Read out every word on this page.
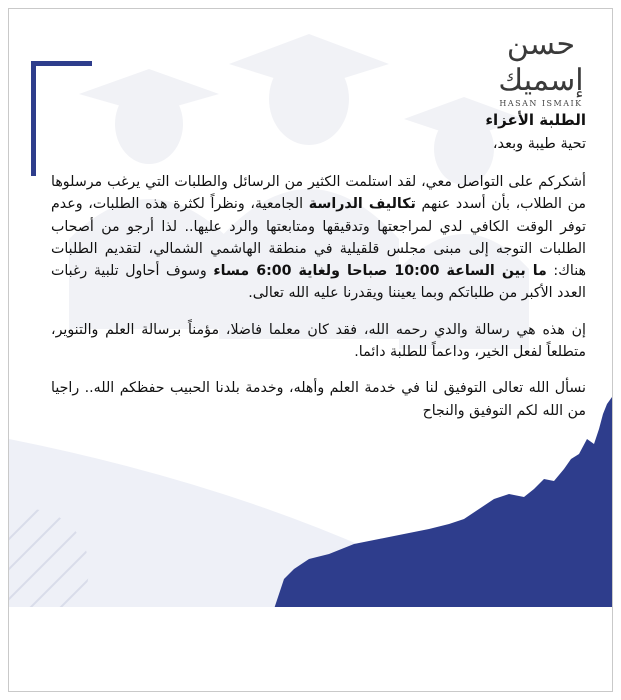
حسن إسميك
HASAN ISMAIK

الطلبة الأعزاء

تحية طيبة وبعد،

أشكركم على التواصل معي، لقد استلمت الكثير من الرسائل والطلبات التي يرغب مرسلوها من الطلاب، بأن أسدد عنهم تكاليف الدراسة الجامعية، ونظراً لكثرة هذه الطلبات، وعدم توفر الوقت الكافي لدي لمراجعتها وتدقيقها ومتابعتها والرد عليها.. لذا أرجو من أصحاب الطلبات التوجه إلى مبنى مجلس قلقيلية في منطقة الهاشمي الشمالي، لتقديم الطلبات هناك: ما بين الساعة 10:00 صباحا ولغاية 6:00 مساء وسوف أحاول تلبية رغبات العدد الأكبر من طلباتكم وبما يعيننا ويقدرنا عليه الله تعالى.

إن هذه هي رسالة والدي رحمه الله، فقد كان معلما فاضلا، مؤمناً برسالة العلم والتنوير، متطلعاً لفعل الخير، وداعماً للطلبة دائما.

نسأل الله تعالى التوفيق لنا في خدمة العلم وأهله، وخدمة بلدنا الحبيب حفظكم الله.. راجيا من الله لكم التوفيق والنجاح
